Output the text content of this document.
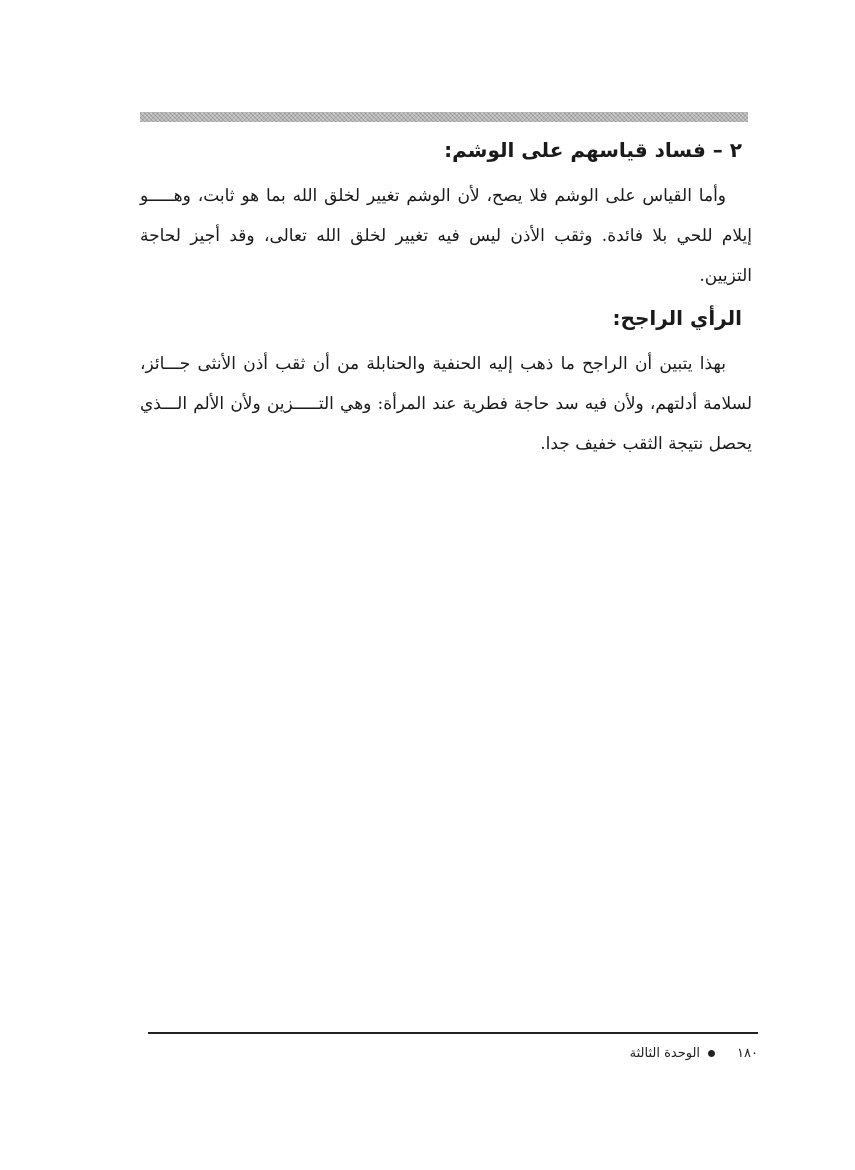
٢ – فساد قياسهم على الوشم:

وأما القياس على الوشم فلا يصح، لأن الوشم تغيير لخلق الله بما هو ثابت، وهـــــو
إيلام للحي بلا فائدة. وثقب الأذن ليس فيه تغيير لخلق الله تعالى، وقد أجيز لحاجة التزيين.

الرأي الراجح:

بهذا يتبين أن الراجح ما ذهب إليه الحنفية والحنابلة من أن ثقب أذن الأنثى جـــائز،
لسلامة أدلتهم، ولأن فيه سد حاجة فطرية عند المرأة: وهي التـــــزين ولأن الألم الـــذي
يحصل نتيجة الثقب خفيف جدا.

١٨٠
الوحدة الثالثة
